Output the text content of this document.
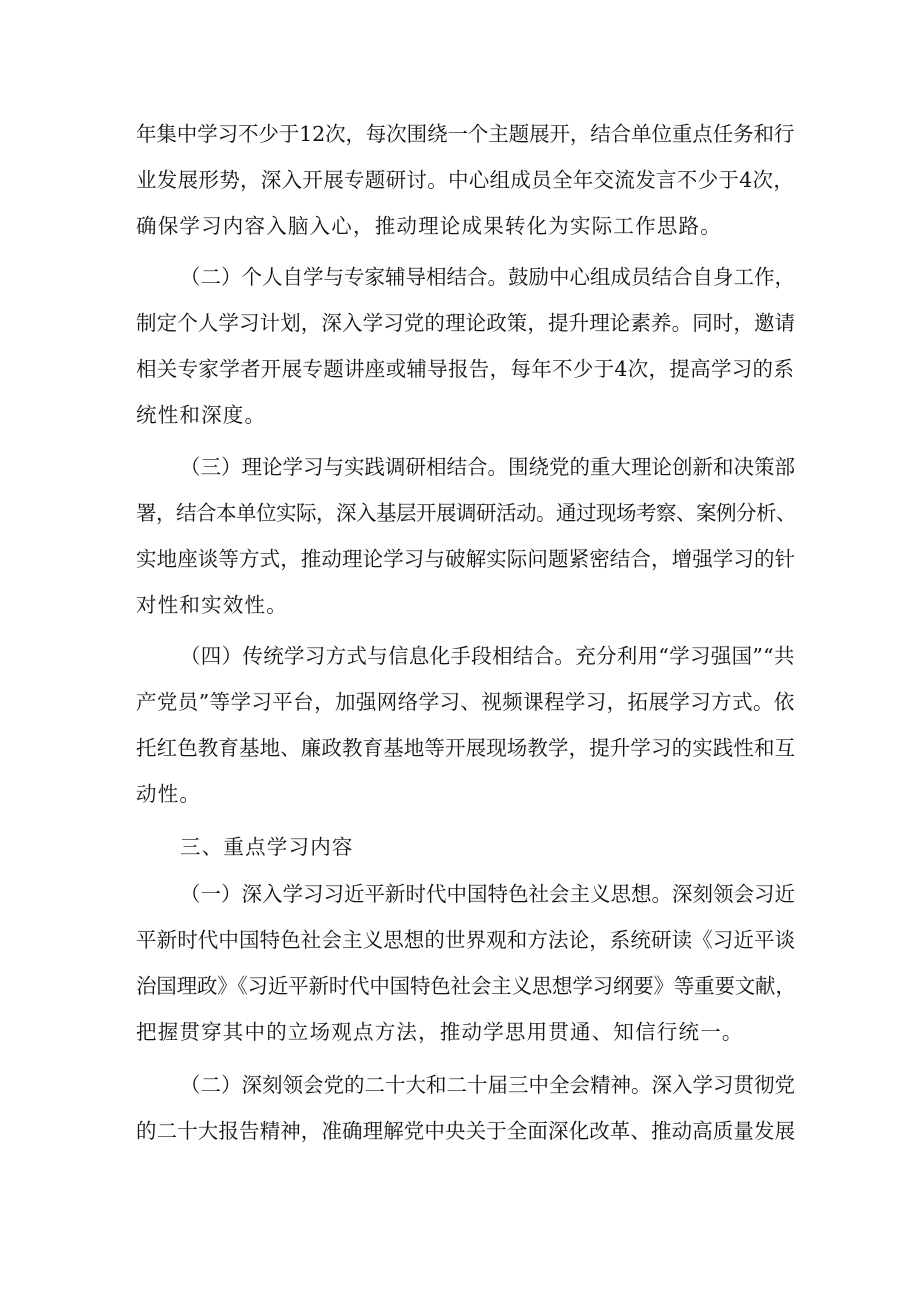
年集中学习不少于12次，每次围绕一个主题展开，结合单位重点任务和行

业发展形势，深入开展专题研讨。中心组成员全年交流发言不少于4次，

确保学习内容入脑入心，推动理论成果转化为实际工作思路。

（二）个人自学与专家辅导相结合。鼓励中心组成员结合自身工作，

制定个人学习计划，深入学习党的理论政策，提升理论素养。同时，邀请

相关专家学者开展专题讲座或辅导报告，每年不少于4次，提高学习的系

统性和深度。

（三）理论学习与实践调研相结合。围绕党的重大理论创新和决策部

署，结合本单位实际，深入基层开展调研活动。通过现场考察、案例分析、

实地座谈等方式，推动理论学习与破解实际问题紧密结合，增强学习的针

对性和实效性。

（四）传统学习方式与信息化手段相结合。充分利用“学习强国”“共

产党员”等学习平台，加强网络学习、视频课程学习，拓展学习方式。依

托红色教育基地、廉政教育基地等开展现场教学，提升学习的实践性和互

动性。

三、重点学习内容

（一）深入学习习近平新时代中国特色社会主义思想。深刻领会习近

平新时代中国特色社会主义思想的世界观和方法论，系统研读《习近平谈

治国理政》《习近平新时代中国特色社会主义思想学习纲要》等重要文献，

把握贯穿其中的立场观点方法，推动学思用贯通、知信行统一。

（二）深刻领会党的二十大和二十届三中全会精神。深入学习贯彻党

的二十大报告精神，准确理解党中央关于全面深化改革、推动高质量发展
